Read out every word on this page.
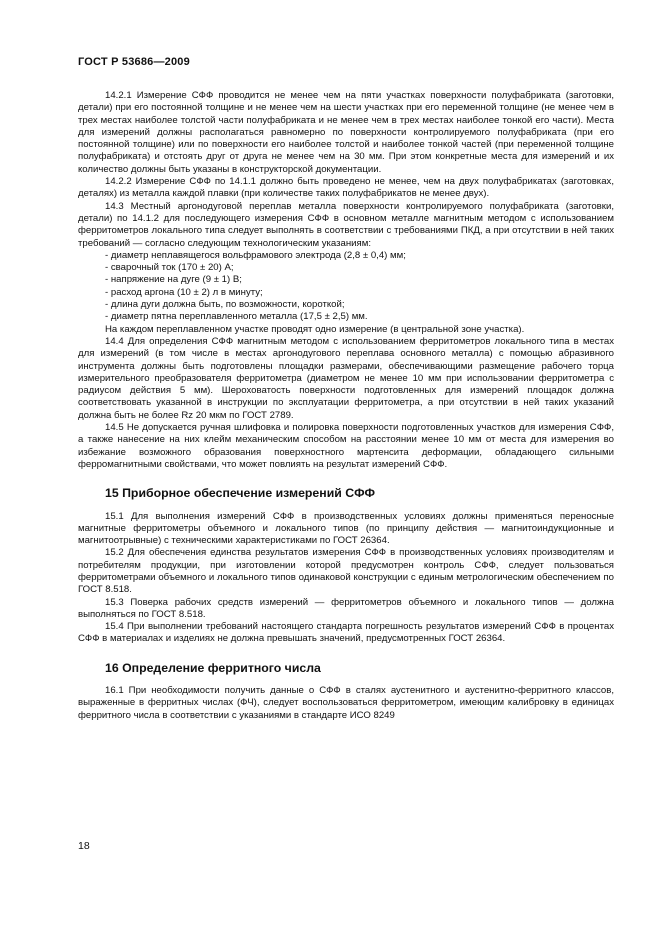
ГОСТ Р 53686—2009

14.2.1 Измерение СФФ проводится не менее чем на пяти участках поверхности полуфабриката (заготовки, детали) при его постоянной толщине и не менее чем на шести участках при его переменной толщине (не менее чем в трех местах наиболее толстой части полуфабриката и не менее чем в трех местах наиболее тонкой его части). Места для измерений должны располагаться равномерно по поверхности контролируемого полуфабриката (при его постоянной толщине) или по поверхности его наиболее толстой и наиболее тонкой частей (при переменной толщине полуфабриката) и отстоять друг от друга не менее чем на 30 мм. При этом конкретные места для измерений и их количество должны быть указаны в конструкторской документации.

14.2.2 Измерение СФФ по 14.1.1 должно быть проведено не менее, чем на двух полуфабрикатах (заготовках, деталях) из металла каждой плавки (при количестве таких полуфабрикатов не менее двух).

14.3 Местный аргонодуговой переплав металла поверхности контролируемого полуфабриката (заготовки, детали) по 14.1.2 для последующего измерения СФФ в основном металле магнитным методом с использованием ферритометров локального типа следует выполнять в соответствии с требованиями ПКД, а при отсутствии в ней таких требований — согласно следующим технологическим указаниям:

- диаметр неплавящегося вольфрамового электрода (2,8 ± 0,4) мм;
- сварочный ток (170 ± 20) А;
- напряжение на дуге (9 ± 1) В;
- расход аргона (10 ± 2) л в минуту;
- длина дуги должна быть, по возможности, короткой;
- диаметр пятна переплавленного металла (17,5 ± 2,5) мм.

На каждом переплавленном участке проводят одно измерение (в центральной зоне участка).

14.4 Для определения СФФ магнитным методом с использованием ферритометров локального типа в местах для измерений (в том числе в местах аргонодугового переплава основного металла) с помощью абразивного инструмента должны быть подготовлены площадки размерами, обеспечивающими размещение рабочего торца измерительного преобразователя ферритометра (диаметром не менее 10 мм при использовании ферритометра с радиусом действия 5 мм). Шероховатость поверхности подготовленных для измерений площадок должна соответствовать указанной в инструкции по эксплуатации ферритометра, а при отсутствии в ней таких указаний должна быть не более Rz 20 мкм по ГОСТ 2789.

14.5 Не допускается ручная шлифовка и полировка поверхности подготовленных участков для измерения СФФ, а также нанесение на них клейм механическим способом на расстоянии менее 10 мм от места для измерения во избежание возможного образования поверхностного мартенсита деформации, обладающего сильными ферромагнитными свойствами, что может повлиять на результат измерений СФФ.

15 Приборное обеспечение измерений СФФ

15.1 Для выполнения измерений СФФ в производственных условиях должны применяться переносные магнитные ферритометры объемного и локального типов (по принципу действия — магнитоиндукционные и магнитоотрывные) с техническими характеристиками по ГОСТ 26364.

15.2 Для обеспечения единства результатов измерения СФФ в производственных условиях производителям и потребителям продукции, при изготовлении которой предусмотрен контроль СФФ, следует пользоваться ферритометрами объемного и локального типов одинаковой конструкции с единым метрологическим обеспечением по ГОСТ 8.518.

15.3 Поверка рабочих средств измерений — ферритометров объемного и локального типов — должна выполняться по ГОСТ 8.518.

15.4 При выполнении требований настоящего стандарта погрешность результатов измерений СФФ в процентах СФФ в материалах и изделиях не должна превышать значений, предусмотренных ГОСТ 26364.

16 Определение ферритного числа

16.1 При необходимости получить данные о СФФ в сталях аустенитного и аустенитно-ферритного классов, выраженные в ферритных числах (ФЧ), следует воспользоваться ферритометром, имеющим калибровку в единицах ферритного числа в соответствии с указаниями в стандарте ИСО 8249

18
